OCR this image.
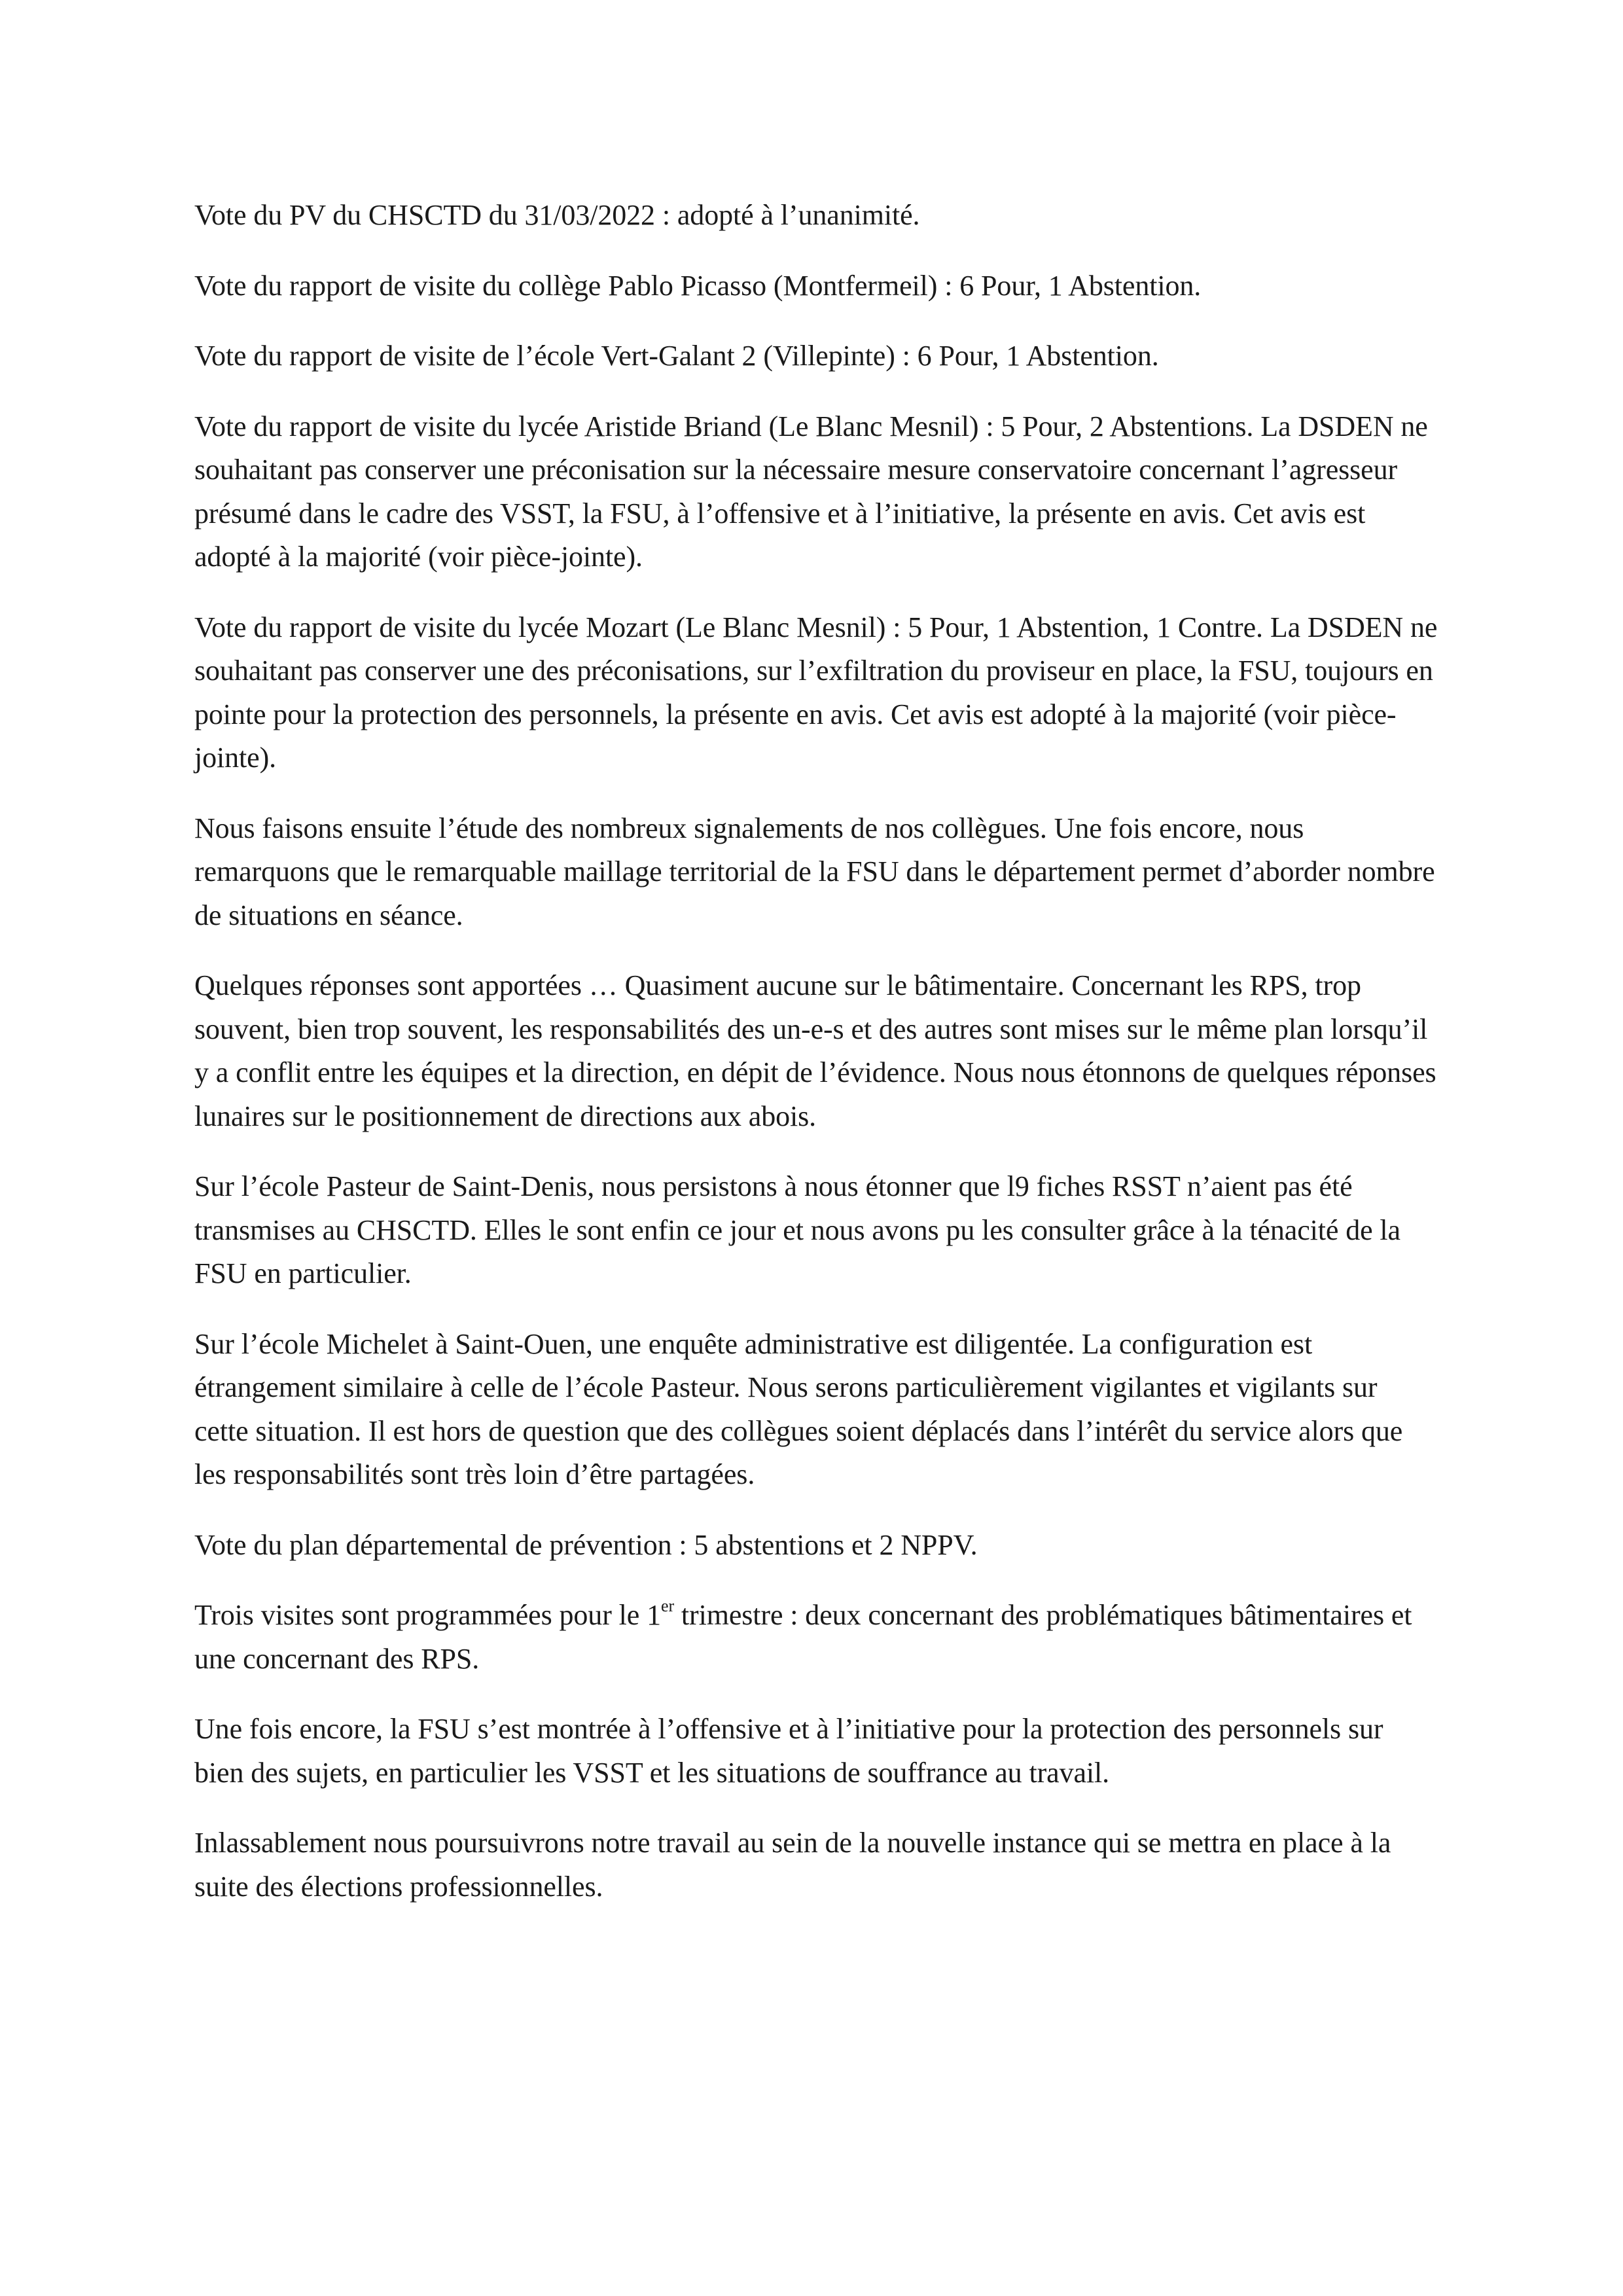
Vote du PV du CHSCTD du 31/03/2022 : adopté à l’unanimité.

Vote du rapport de visite du collège Pablo Picasso (Montfermeil) : 6 Pour, 1 Abstention.

Vote du rapport de visite de l’école Vert-Galant 2 (Villepinte) : 6 Pour, 1 Abstention.

Vote du rapport de visite du lycée Aristide Briand (Le Blanc Mesnil) : 5 Pour, 2 Abstentions. La DSDEN ne souhaitant pas conserver une préconisation sur la nécessaire mesure conservatoire concernant l’agresseur présumé dans le cadre des VSST, la FSU, à l’offensive et à l’initiative, la présente en avis. Cet avis est adopté à la majorité (voir pièce-jointe).

Vote du rapport de visite du lycée Mozart (Le Blanc Mesnil) : 5 Pour, 1 Abstention, 1 Contre. La DSDEN ne souhaitant pas conserver une des préconisations, sur l’exfiltration du proviseur en place, la FSU, toujours en pointe pour la protection des personnels, la présente en avis. Cet avis est adopté à la majorité (voir pièce-jointe).

Nous faisons ensuite l’étude des nombreux signalements de nos collègues. Une fois encore, nous remarquons que le remarquable maillage territorial de la FSU dans le département permet d’aborder nombre de situations en séance.

Quelques réponses sont apportées … Quasiment aucune sur le bâtimentaire. Concernant les RPS, trop souvent, bien trop souvent, les responsabilités des un-e-s et des autres sont mises sur le même plan lorsqu’il y a conflit entre les équipes et la direction, en dépit de l’évidence. Nous nous étonnons de quelques réponses lunaires sur le positionnement de directions aux abois.

Sur l’école Pasteur de Saint-Denis, nous persistons à nous étonner que l9 fiches RSST n’aient pas été transmises au CHSCTD. Elles le sont enfin ce jour et nous avons pu les consulter grâce à la ténacité de la FSU en particulier.

Sur l’école Michelet à Saint-Ouen, une enquête administrative est diligentée. La configuration est étrangement similaire à celle de l’école Pasteur. Nous serons particulièrement vigilantes et vigilants sur cette situation. Il est hors de question que des collègues soient déplacés dans l’intérêt du service alors que les responsabilités sont très loin d’être partagées.

Vote du plan départemental de prévention : 5 abstentions et 2 NPPV.

Trois visites sont programmées pour le 1er trimestre : deux concernant des problématiques bâtimentaires et une concernant des RPS.

Une fois encore, la FSU s’est montrée à l’offensive et à l’initiative pour la protection des personnels sur bien des sujets, en particulier les VSST et les situations de souffrance au travail.

Inlassablement nous poursuivrons notre travail au sein de la nouvelle instance qui se mettra en place à la suite des élections professionnelles.
